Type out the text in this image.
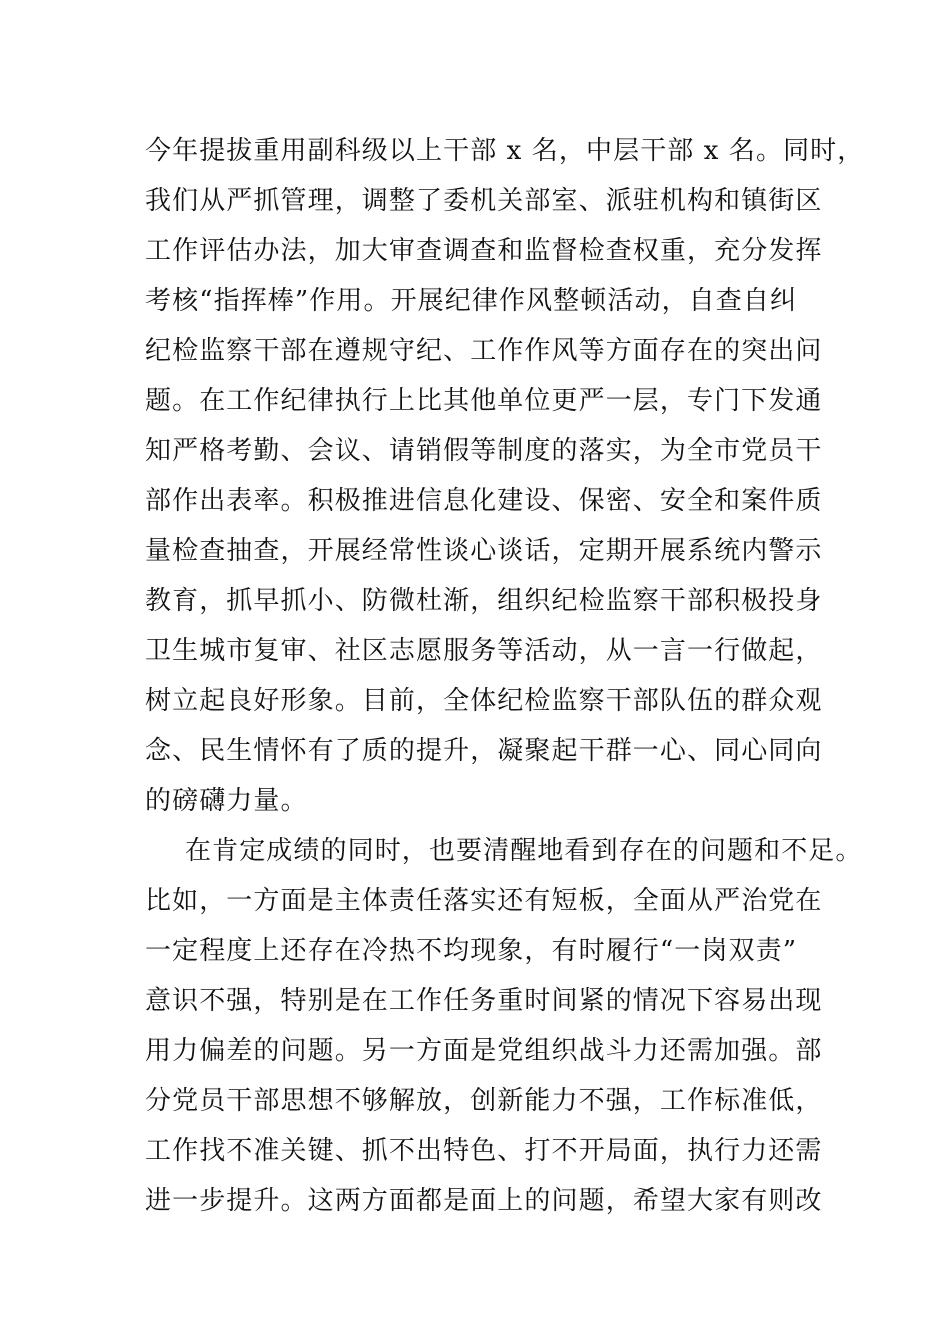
今年提拔重用副科级以上干部 x 名，中层干部 x 名。同时，
我们从严抓管理，调整了委机关部室、派驻机构和镇街区
工作评估办法，加大审查调查和监督检查权重，充分发挥
考核“指挥棒”作用。开展纪律作风整顿活动，自查自纠
纪检监察干部在遵规守纪、工作作风等方面存在的突出问
题。在工作纪律执行上比其他单位更严一层，专门下发通
知严格考勤、会议、请销假等制度的落实，为全市党员干
部作出表率。积极推进信息化建设、保密、安全和案件质
量检查抽查，开展经常性谈心谈话，定期开展系统内警示
教育，抓早抓小、防微杜渐，组织纪检监察干部积极投身
卫生城市复审、社区志愿服务等活动，从一言一行做起，
树立起良好形象。目前，全体纪检监察干部队伍的群众观
念、民生情怀有了质的提升，凝聚起干群一心、同心同向
的磅礴力量。
在肯定成绩的同时，也要清醒地看到存在的问题和不足。
比如，一方面是主体责任落实还有短板，全面从严治党在
一定程度上还存在冷热不均现象，有时履行“一岗双责”
意识不强，特别是在工作任务重时间紧的情况下容易出现
用力偏差的问题。另一方面是党组织战斗力还需加强。部
分党员干部思想不够解放，创新能力不强，工作标准低，
工作找不准关键、抓不出特色、打不开局面，执行力还需
进一步提升。这两方面都是面上的问题，希望大家有则改
